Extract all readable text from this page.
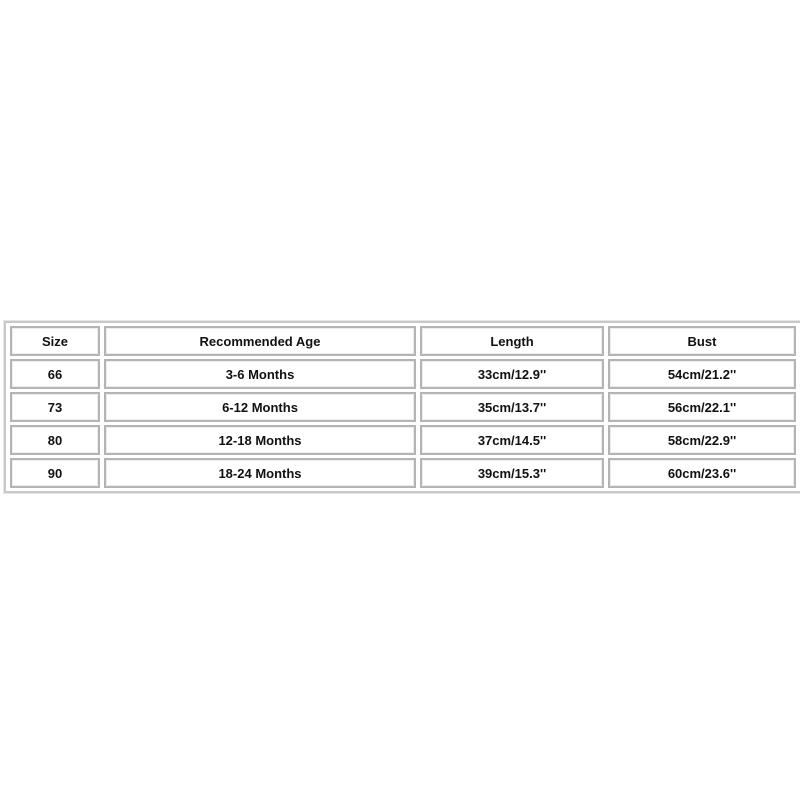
Size	Recommended Age	Length	Bust
66	3-6 Months	33cm/12.9''	54cm/21.2''
73	6-12 Months	35cm/13.7''	56cm/22.1''
80	12-18 Months	37cm/14.5''	58cm/22.9''
90	18-24 Months	39cm/15.3''	60cm/23.6''
